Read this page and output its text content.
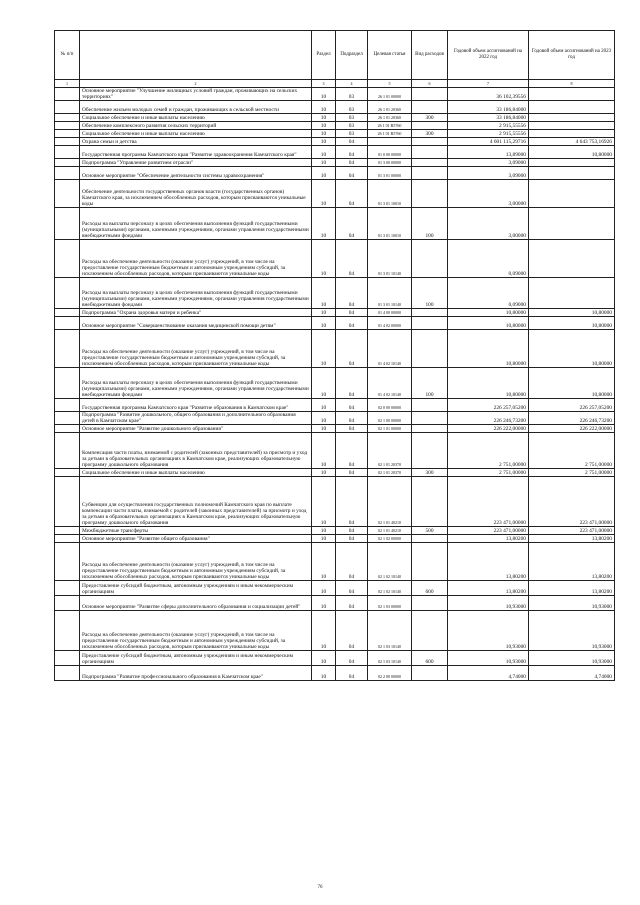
№ п/п		Раздел	Подраздел	Целевая статья	Вид расходов	Годовой объем ассигнований на 2022 год	Годовой объем ассигнований на 2023 год
1	2	3	4	5	6	7	8
	Основное мероприятие "Улучшение жилищных условий граждан, проживающих на сельских территориях"	10	03	26 1 01 00000		36 102,39556	
	Обеспечение жильем молодых семей и граждан, проживающих в сельской местности	10	03	26 1 01 20360		33 186,84000	
	Социальное обеспечение и иные выплаты населению	10	03	26 1 01 20360	300	33 186,84000	
	Обеспечение комплексного развития сельских территорий	10	03	26 1 01 R5760		2 915,55556	
	Социальное обеспечение и иные выплаты населению	10	03	26 1 01 R5760	300	2 915,55556	
	Охрана семьи и детства	10	04			4 601 115,29716	4 643 753,16926
	Государственная программа Камчатского края "Развитие здравоохранения Камчатского края"	10	04	01 0 00 00000		13,89000	10,80000
	Подпрограмма "Управление развитием отрасли"	10	04	01 3 00 00000		3,09000	
	Основное мероприятие "Обеспечение деятельности системы здравоохранения"	10	04	01 3 01 00000		3,09000	
	Обеспечение деятельности государственных органов власти (государственных органов) Камчатского края, за исключением обособленных расходов, которым присваиваются уникальные коды	10	04	01 3 01 10010		3,00000	
	Расходы на выплаты персоналу в целях обеспечения выполнения функций государственными (муниципальными) органами, казенными учреждениями, органами управления государственными внебюджетными фондами	10	04	01 3 01 10010	100	3,00000	
	Расходы на обеспечение деятельности (оказание услуг) учреждений, в том числе на предоставление государственным бюджетным и автономным учреждениям субсидий, за исключением обособленных расходов, которым присваиваются уникальные коды	10	04	01 3 01 10140		0,09000	
	Расходы на выплаты персоналу в целях обеспечения выполнения функций государственными (муниципальными) органами, казенными учреждениями, органами управления государственными внебюджетными фондами	10	04	01 3 01 10140	100	0,09000	
	Подпрограмма "Охрана здоровья матери и ребенка"	10	04	01 4 00 00000		10,80000	10,80000
	Основное мероприятие "Совершенствование оказания медицинской помощи детям"	10	04	01 4 02 00000		10,80000	10,80000
	Расходы на обеспечение деятельности (оказание услуг) учреждений, в том числе на предоставление государственным бюджетным и автономным учреждениям субсидий, за исключением обособленных расходов, которым присваиваются уникальные коды	10	04	01 4 02 10140		10,80000	10,80000
	Расходы на выплаты персоналу в целях обеспечения выполнения функций государственными (муниципальными) органами, казенными учреждениями, органами управления государственными внебюджетными фондами	10	04	01 4 02 10140	100	10,80000	10,80000
	Государственная программа Камчатского края "Развитие образования в Камчатском крае"	10	04	02 0 00 00000		226 257,05200	226 257,05200
	Подпрограмма "Развитие дошкольного, общего образования и дополнительного образования детей в Камчатском крае"	10	04	02 1 00 00000		226 246,73200	226 246,73200
	Основное мероприятие "Развитие дошкольного образования"	10	04	02 1 01 00000		226 222,00000	226 222,00000
	Компенсация части платы, взимаемой с родителей (законных представителей) за присмотр и уход за детьми в образовательных организациях в Камчатском крае, реализующих образовательную программу дошкольного образования	10	04	02 1 01 20370		2 751,00000	2 751,00000
	Социальное обеспечение и иные выплаты населению	10	04	02 1 01 20370	300	2 751,00000	2 751,00000
	Субвенции для осуществления государственных полномочий Камчатского края по выплате компенсации части платы, взимаемой с родителей (законных представителей) за присмотр и уход за детьми в образовательных организациях в Камчатском крае, реализующих образовательную программу дошкольного образования	10	04	02 1 01 40210		223 471,00000	223 471,00000
	Межбюджетные трансферты	10	04	02 1 01 40210	500	223 471,00000	223 471,00000
	Основное мероприятие "Развитие общего образования"	10	04	02 1 02 00000		13,80200	13,80200
	Расходы на обеспечение деятельности (оказание услуг) учреждений, в том числе на предоставление государственным бюджетным и автономным учреждениям субсидий, за исключением обособленных расходов, которым присваиваются уникальные коды	10	04	02 1 02 10140		13,80200	13,80200
	Предоставление субсидий бюджетным, автономным учреждениям и иным некоммерческим организациям	10	04	02 1 02 10140	600	13,80200	13,80200
	Основное мероприятие "Развитие сферы дополнительного образования и социализации детей"	10	04	02 1 03 00000		10,93000	10,93000
	Расходы на обеспечение деятельности (оказание услуг) учреждений, в том числе на предоставление государственным бюджетным и автономным учреждениям субсидий, за исключением обособленных расходов, которым присваиваются уникальные коды	10	04	02 1 03 10140		10,93000	10,93000
	Предоставление субсидий бюджетным, автономным учреждениям и иным некоммерческим организациям	10	04	02 1 03 10140	600	10,93000	10,93000
	Подпрограмма "Развитие профессионального образования в Камчатском крае"	10	04	02 2 00 00000		4,74000	4,74000
76
